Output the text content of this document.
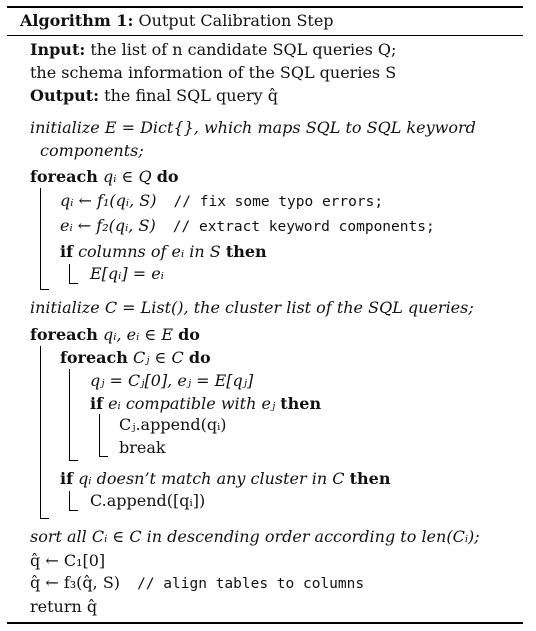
Algorithm 1: Output Calibration Step
Input: the list of n candidate SQL queries Q;
the schema information of the SQL queries S
Output: the final SQL query q̂
initialize E = Dict{}, which maps SQL to SQL keyword
components;
foreach qᵢ ∈ Q do
qᵢ ← f₁(qᵢ, S) // fix some typo errors;
eᵢ ← f₂(qᵢ, S) // extract keyword components;
if columns of eᵢ in S then
E[qᵢ] = eᵢ
initialize C = List(), the cluster list of the SQL queries;
foreach qᵢ, eᵢ ∈ E do
foreach Cⱼ ∈ C do
qⱼ = Cⱼ[0], eⱼ = E[qⱼ]
if eᵢ compatible with eⱼ then
Cⱼ.append(qᵢ)
break
if qᵢ doesn’t match any cluster in C then
C.append([qᵢ])
sort all Cᵢ ∈ C in descending order according to len(Cᵢ);
q̂ ← C₁[0]
q̂ ← f₃(q̂, S) // align tables to columns
return q̂
